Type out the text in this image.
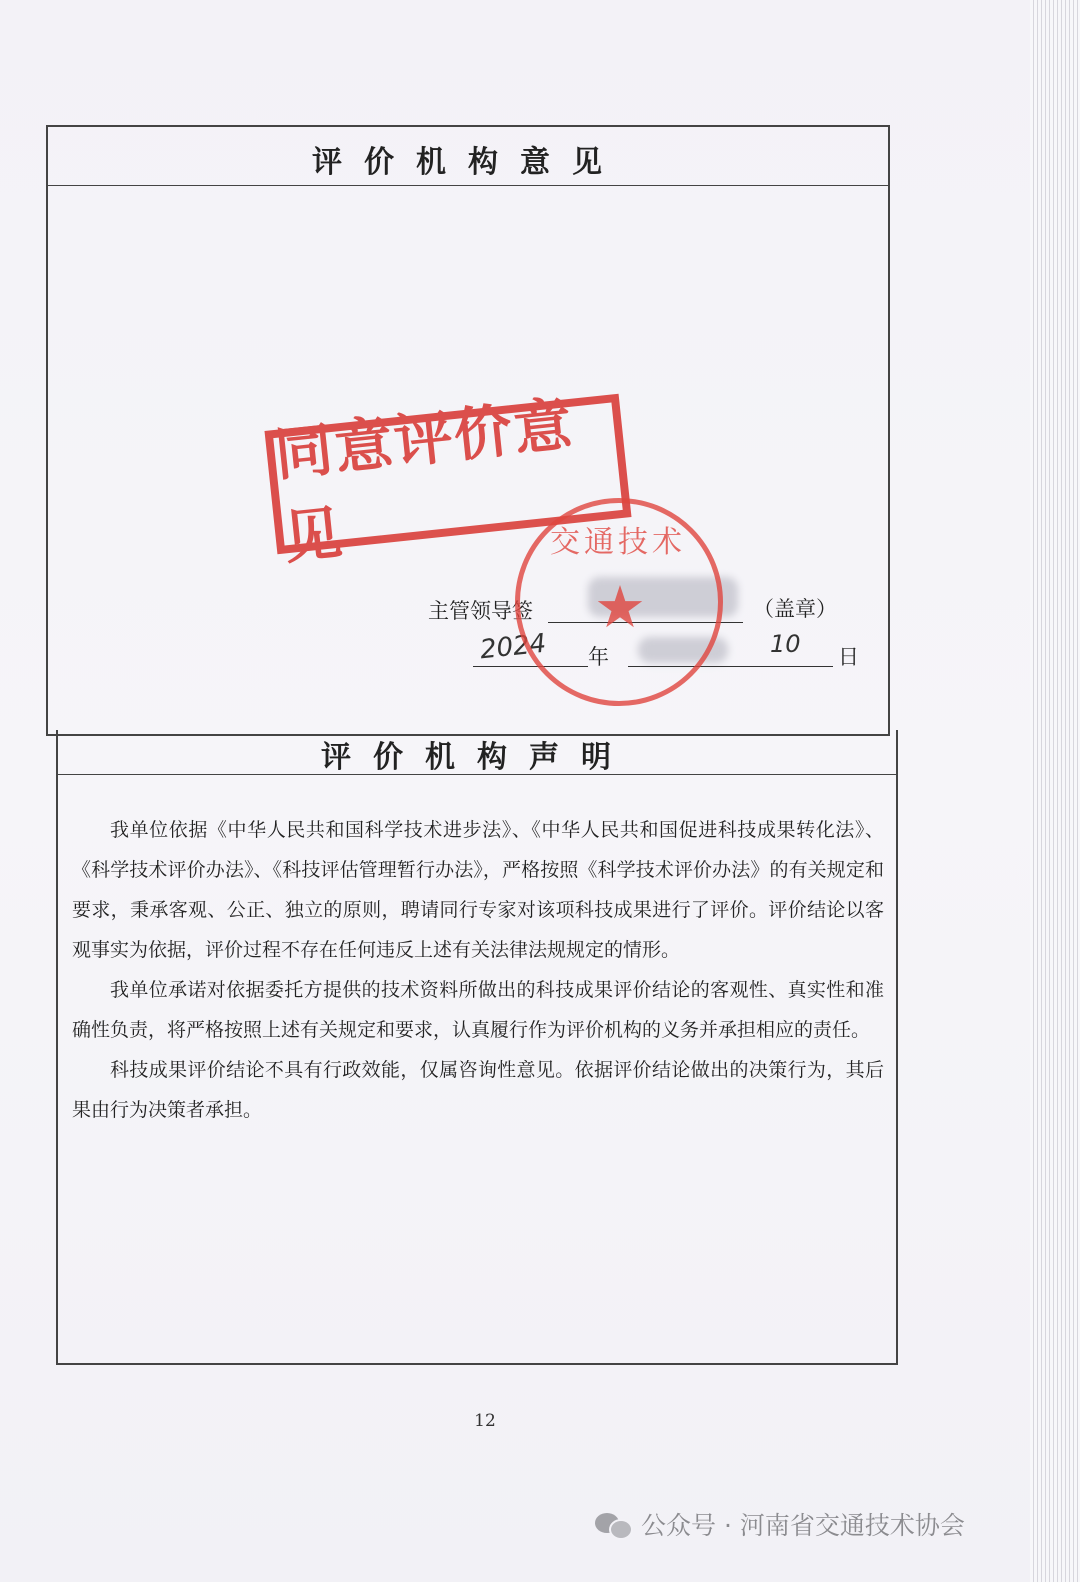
评价机构意见
同意评价意见
主管领导签	（盖章）
2024 年	10 日
交通技术
★
评价机构声明
我单位依据《中华人民共和国科学技术进步法》、《中华人民共和国促进科技成果转化法》、《科学技术评价办法》、《科技评估管理暂行办法》，严格按照《科学技术评价办法》的有关规定和要求，秉承客观、公正、独立的原则，聘请同行专家对该项科技成果进行了评价。评价结论以客观事实为依据，评价过程不存在任何违反上述有关法律法规规定的情形。
我单位承诺对依据委托方提供的技术资料所做出的科技成果评价结论的客观性、真实性和准确性负责，将严格按照上述有关规定和要求，认真履行作为评价机构的义务并承担相应的责任。
科技成果评价结论不具有行政效能，仅属咨询性意见。依据评价结论做出的决策行为，其后果由行为决策者承担。
12
公众号 · 河南省交通技术协会
